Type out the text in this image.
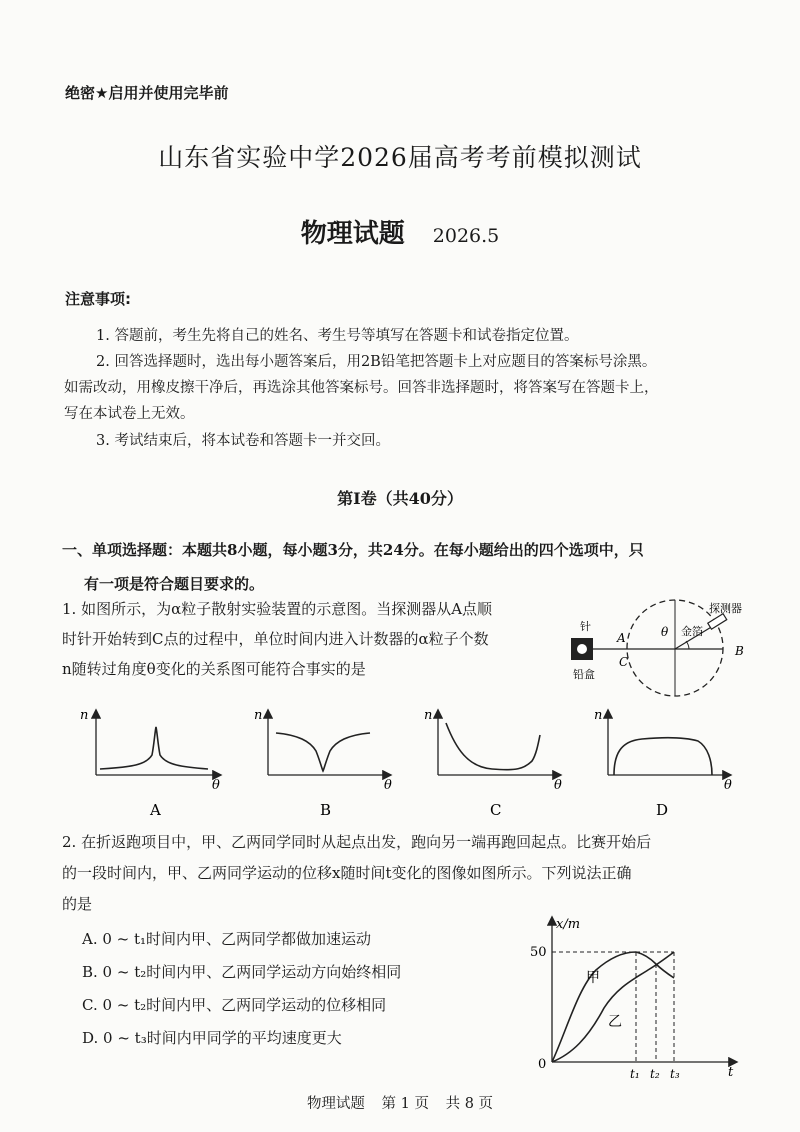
绝密★启用并使用完毕前
山东省实验中学2026届高考考前模拟测试
物理试题 2026.5
注意事项:
1. 答题前，考生先将自己的姓名、考生号等填写在答题卡和试卷指定位置。
2. 回答选择题时，选出每小题答案后，用2B铅笔把答题卡上对应题目的答案标号涂黑。
如需改动，用橡皮擦干净后，再选涂其他答案标号。回答非选择题时，将答案写在答题卡上，
写在本试卷上无效。
3. 考试结束后，将本试卷和答题卡一并交回。
第I卷（共40分）
一、单项选择题：本题共8小题，每小题3分，共24分。在每小题给出的四个选项中，只
有一项是符合题目要求的。
1. 如图所示，为α粒子散射实验装置的示意图。当探测器从A点顺
时针开始转到C点的过程中，单位时间内进入计数器的α粒子个数
n随转过角度θ变化的关系图可能符合事实的是
针
铅盒
金箔
探测器
θ
A
C
B
n
θ
n
θ
n
θ
n
θ
A	B	C	D
2. 在折返跑项目中，甲、乙两同学同时从起点出发，跑向另一端再跑回起点。比赛开始后
的一段时间内，甲、乙两同学运动的位移x随时间t变化的图像如图所示。下列说法正确
的是
A. 0 ~ t₁时间内甲、乙两同学都做加速运动
B. 0 ~ t₂时间内甲、乙两同学运动方向始终相同
C. 0 ~ t₂时间内甲、乙两同学运动的位移相同
D. 0 ~ t₃时间内甲同学的平均速度更大
x/m
50
0
t
甲
乙
t₁ t₂ t₃
物理试题 第 1 页 共 8 页
